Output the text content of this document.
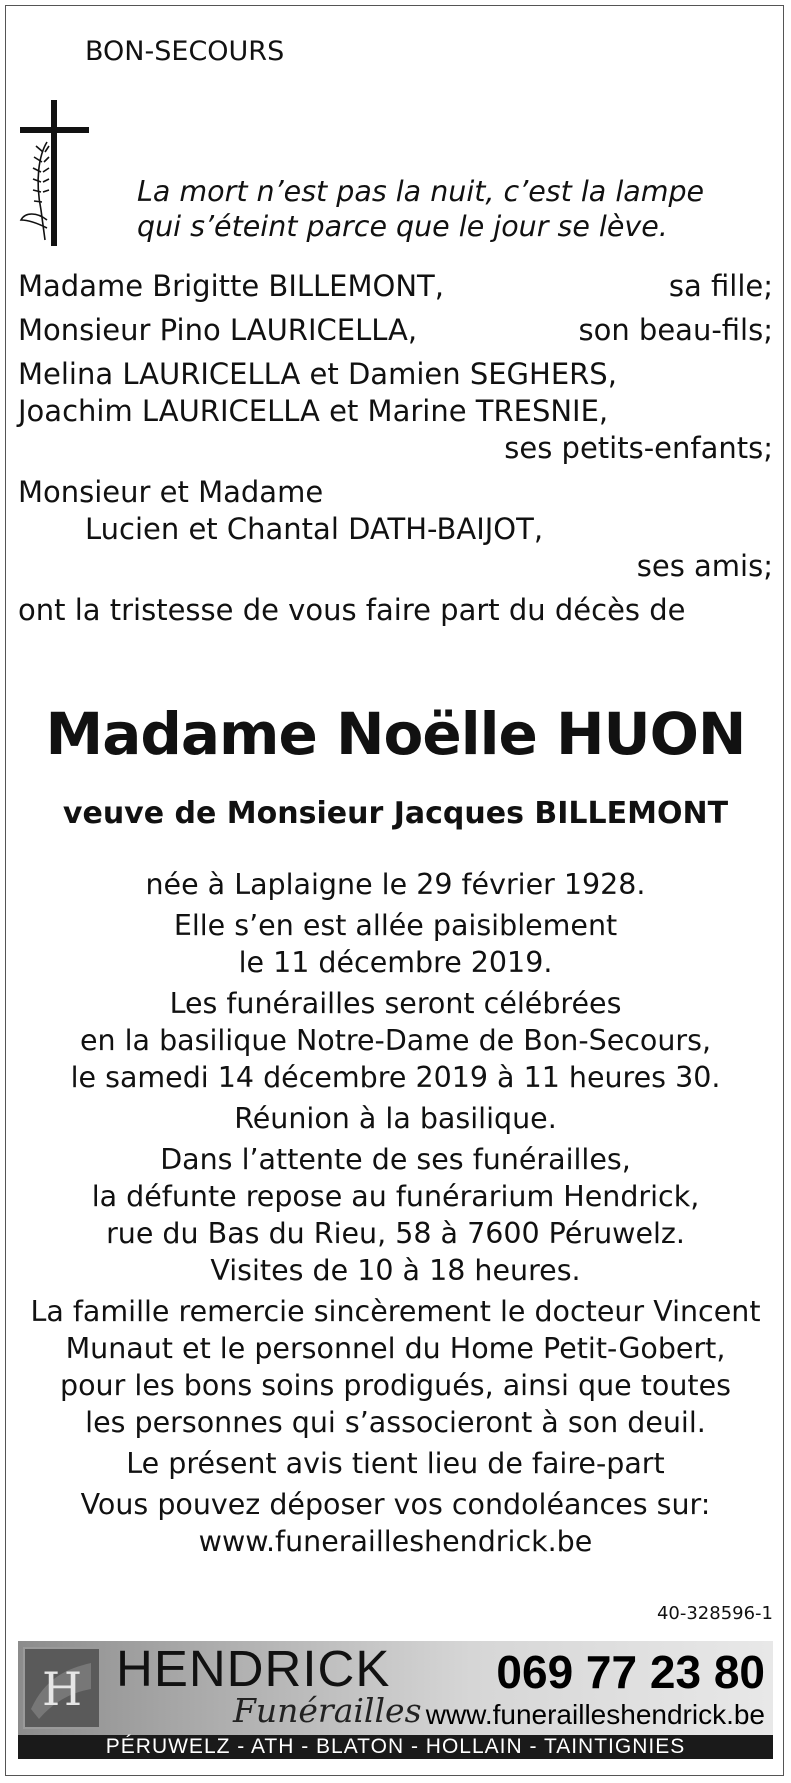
BON-SECOURS
La mort n’est pas la nuit, c’est la lampe
qui s’éteint parce que le jour se lève.
Madame Brigitte BILLEMONT,	sa fille;
Monsieur Pino LAURICELLA,	son beau-fils;
Melina LAURICELLA et Damien SEGHERS,
Joachim LAURICELLA et Marine TRESNIE,
ses petits-enfants;
Monsieur et Madame
Lucien et Chantal DATH-BAIJOT,
ses amis;
ont la tristesse de vous faire part du décès de
Madame Noëlle HUON
veuve de Monsieur Jacques BILLEMONT
née à Laplaigne le 29 février 1928.
Elle s’en est allée paisiblement
le 11 décembre 2019.
Les funérailles seront célébrées
en la basilique Notre-Dame de Bon-Secours,
le samedi 14 décembre 2019 à 11 heures 30.
Réunion à la basilique.
Dans l’attente de ses funérailles,
la défunte repose au funérarium Hendrick,
rue du Bas du Rieu, 58 à 7600 Péruwelz.
Visites de 10 à 18 heures.
La famille remercie sincèrement le docteur Vincent
Munaut et le personnel du Home Petit-Gobert,
pour les bons soins prodigués, ainsi que toutes
les personnes qui s’associeront à son deuil.
Le présent avis tient lieu de faire-part
Vous pouvez déposer vos condoléances sur:
www.funerailleshendrick.be
40-328596-1
H HENDRICK
Funérailles
069 77 23 80
www.funerailleshendrick.be
PÉRUWELZ - ATH - BLATON - HOLLAIN - TAINTIGNIES
